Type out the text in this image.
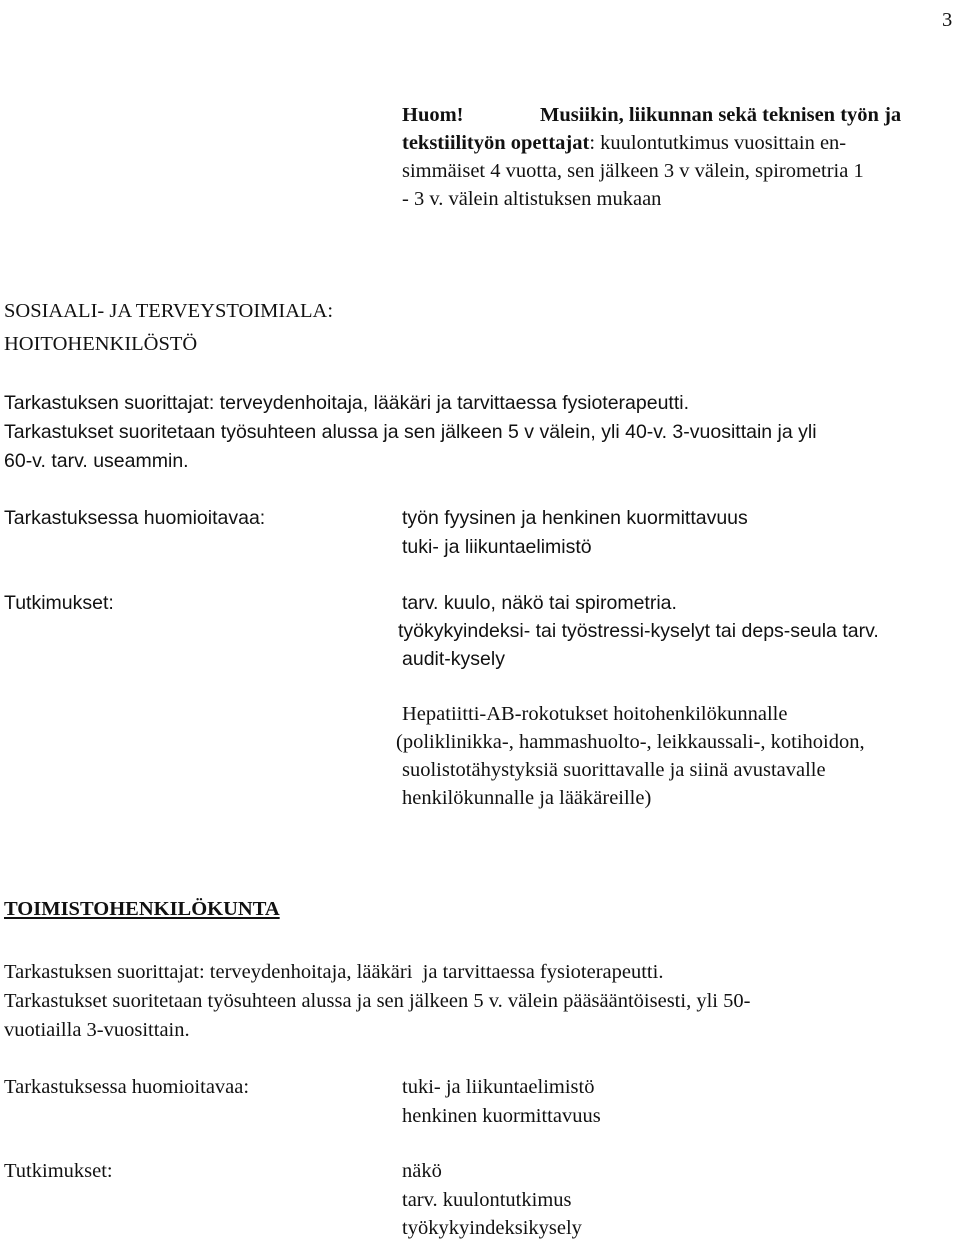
3
Huom!	Musiikin, liikunnan sekä teknisen työn ja
tekstiilityön opettajat: kuulontutkimus vuosittain en-
simmäiset 4 vuotta, sen jälkeen 3 v välein, spirometria 1
- 3 v. välein altistuksen mukaan
SOSIAALI- JA TERVEYSTOIMIALA:
HOITOHENKILÖSTÖ
Tarkastuksen suorittajat: terveydenhoitaja, lääkäri ja tarvittaessa fysioterapeutti.
Tarkastukset suoritetaan työsuhteen alussa ja sen jälkeen 5 v välein, yli 40-v. 3-vuosittain ja yli
60-v. tarv. useammin.
Tarkastuksessa huomioitavaa:	työn fyysinen ja henkinen kuormittavuus
tuki- ja liikuntaelimistö
Tutkimukset:	tarv. kuulo, näkö tai spirometria.
työkykyindeksi- tai työstressi-kyselyt tai deps-seula tarv.
audit-kysely
Hepatiitti-AB-rokotukset hoitohenkilökunnalle
(poliklinikka-, hammashuolto-, leikkaussali-, kotihoidon,
suolistotähystyksiä suorittavalle ja siinä avustavalle
henkilökunnalle ja lääkäreille)
TOIMISTOHENKILÖKUNTA
Tarkastuksen suorittajat: terveydenhoitaja, lääkäri  ja tarvittaessa fysioterapeutti.
Tarkastukset suoritetaan työsuhteen alussa ja sen jälkeen 5 v. välein pääsääntöisesti, yli 50-
vuotiailla 3-vuosittain.
Tarkastuksessa huomioitavaa:	tuki- ja liikuntaelimistö
henkinen kuormittavuus
Tutkimukset:	näkö
tarv. kuulontutkimus
työkykyindeksikysely
